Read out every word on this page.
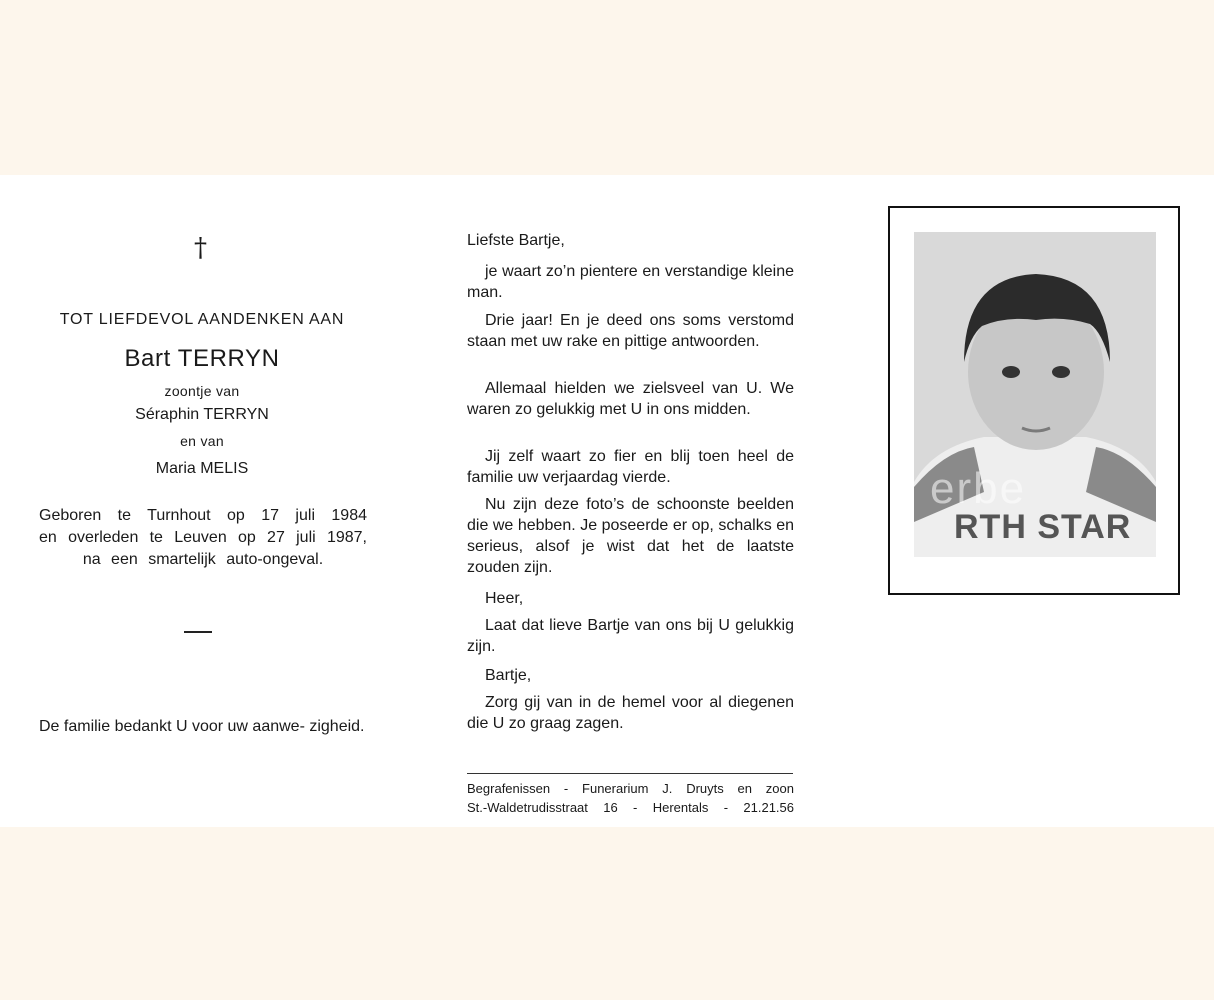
†
TOT LIEFDEVOL AANDENKEN AAN
Bart TERRYN
zoontje van
Séraphin TERRYN
en van
Maria MELIS
Geboren te Turnhout op 17 juli 1984
en overleden te Leuven op 27 juli 1987,
na een smartelijk auto-ongeval.
De familie bedankt U voor uw aanwe- zigheid.

Liefste Bartje,

je waart zo’n pientere en verstandige kleine man.

Drie jaar! En je deed ons soms verstomd staan met uw rake en pittige antwoorden.

Allemaal hielden we zielsveel van U. We waren zo gelukkig met U in ons midden.

Jij zelf waart zo fier en blij toen heel de familie uw verjaardag vierde.

Nu zijn deze foto’s de schoonste beelden die we hebben. Je poseerde er op, schalks en serieus, alsof je wist dat het de laatste zouden zijn.

Heer,

Laat dat lieve Bartje van ons bij U gelukkig zijn.

Bartje,

Zorg gij van in de hemel voor al diegenen die U zo graag zagen.

Begrafenissen - Funerarium J. Druyts en zoon
St.-Waldetrudisstraat 16 - Herentals - 21.21.56
RTH STAR
erbe
